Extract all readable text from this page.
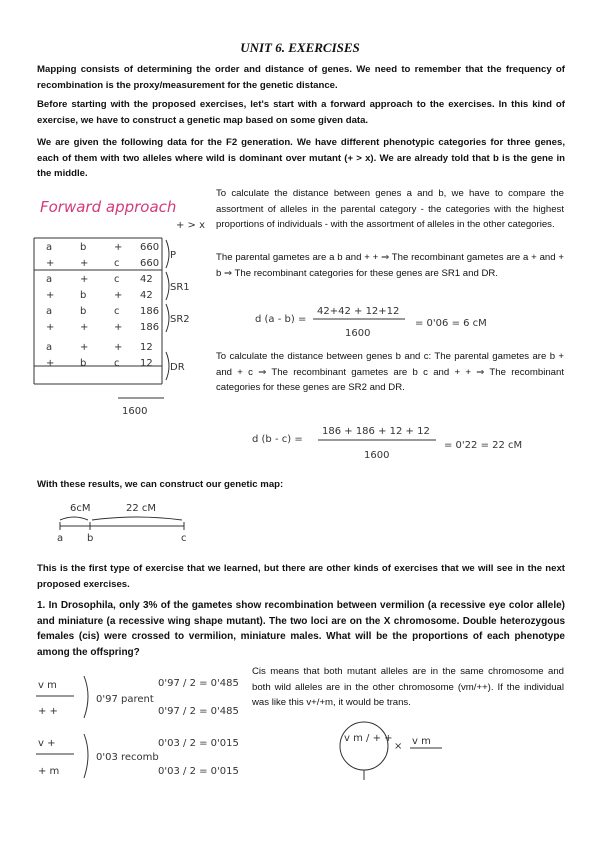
UNIT 6. EXERCISES
Mapping consists of determining the order and distance of genes. We need to remember that the frequency of recombination is the proxy/measurement for the genetic distance.
Before starting with the proposed exercises, let's start with a forward approach to the exercises. In this kind of exercise, we have to construct a genetic map based on some given data.
We are given the following data for the F2 generation. We have different phenotypic categories for three genes, each of them with two alleles where wild is dominant over mutant (+ > x). We are already told that b is the gene in the middle.
Forward approach
+ > x
a	b	+ 660
+	+	c 660
a	+	c 42
+	b	+ 42
a	b	c 186
+	+	+ 186
a	+	+ 12
+	b	c 12
P
SR1
SR2
DR
1600
To calculate the distance between genes a and b, we have to compare the assortment of alleles in the parental category - the categories with the highest proportions of individuals - with the assortment of alleles in the other categories.
The parental gametes are a b and + + ⇒ The recombinant gametes are a + and + b ⇒ The recombinant categories for these genes are SR1 and DR.
d (a - b) =
42+42 + 12+12
1600
= 0'06 = 6 cM
To calculate the distance between genes b and c: The parental gametes are b + and + c ⇒ The recombinant gametes are b c and + + ⇒ The recombinant categories for these genes are SR2 and DR.
d (b - c) =
186 + 186 + 12 + 12
1600
= 0'22 = 22 cM
With these results, we can construct our genetic map:
6cM	22 cM
a b	c
This is the first type of exercise that we learned, but there are other kinds of exercises that we will see in the next proposed exercises.
1. In Drosophila, only 3% of the gametes show recombination between vermilion (a recessive eye color allele) and miniature (a recessive wing shape mutant). The two loci are on the X chromosome. Double heterozygous females (cis) were crossed to vermilion, miniature males. What will be the proportions of each phenotype among the offspring?
v m
+ +
0'97 parent
0'97 / 2 = 0'485
0'97 / 2 = 0'485
v +
+ m
0'03 recomb
0'03 / 2 = 0'015
0'03 / 2 = 0'015
Cis means that both mutant alleles are in the same chromosome and both wild alleles are in the other chromosome (vm/++). If the individual was like this v+/+m, it would be trans.
v m / + +
× v m
